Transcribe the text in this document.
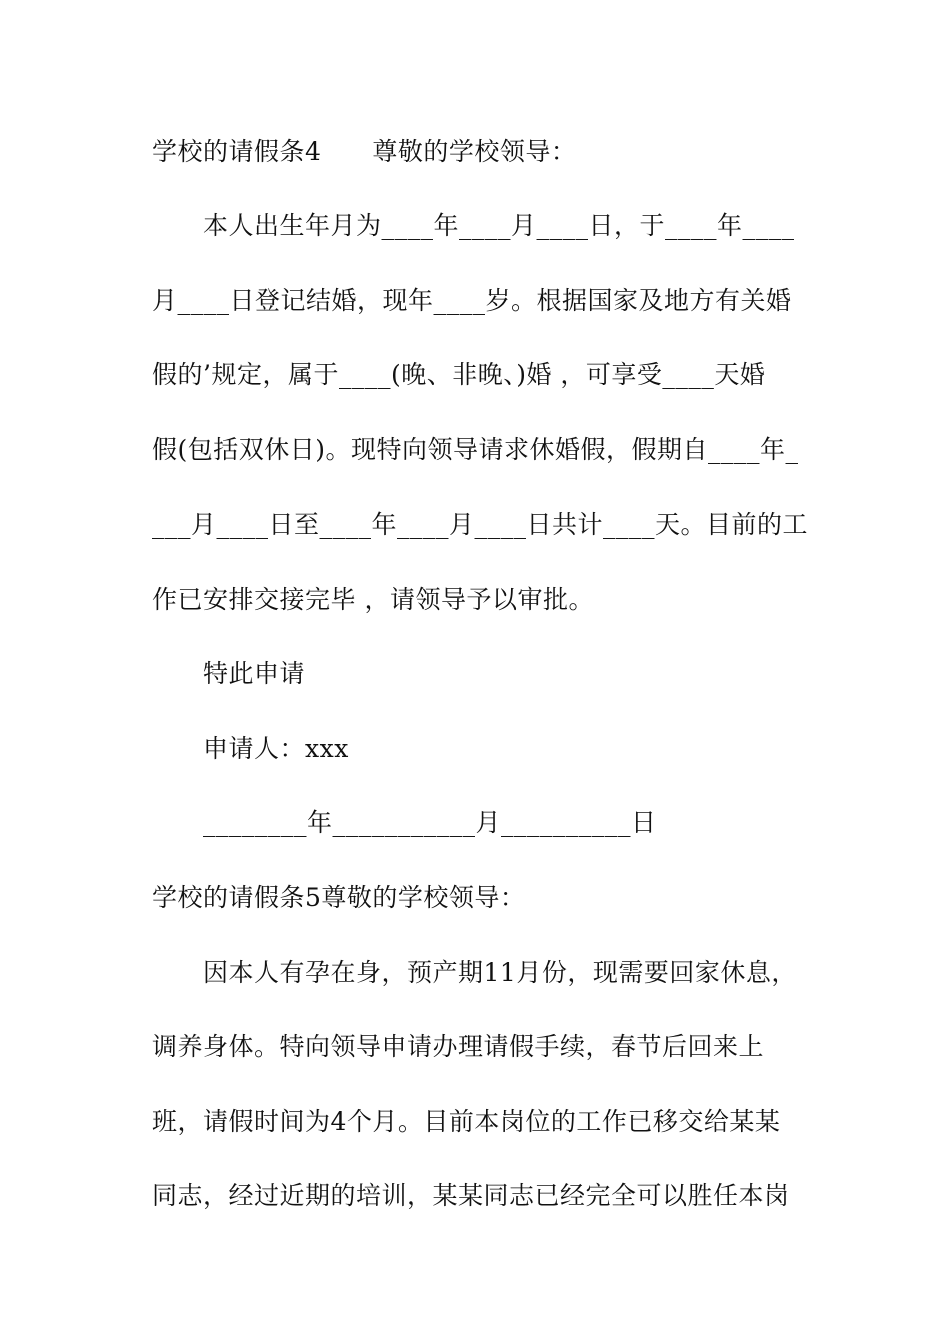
学校的请假条4　　尊敬的学校领导：
本人出生年月为____年____月____日，于____年____
月____日登记结婚，现年____岁。根据国家及地方有关婚
假的’规定，属于____(晚、非晚、)婚 ，可享受____天婚
假(包括双休日)。现特向领导请求休婚假，假期自____年_
___月____日至____年____月____日共计____天。目前的工
作已安排交接完毕 ，请领导予以审批。
特此申请
申请人：xxx
________年___________月__________日
学校的请假条5尊敬的学校领导：
因本人有孕在身，预产期11月份，现需要回家休息，
调养身体。特向领导申请办理请假手续，春节后回来上
班，请假时间为4个月。目前本岗位的工作已移交给某某
同志，经过近期的培训，某某同志已经完全可以胜任本岗
